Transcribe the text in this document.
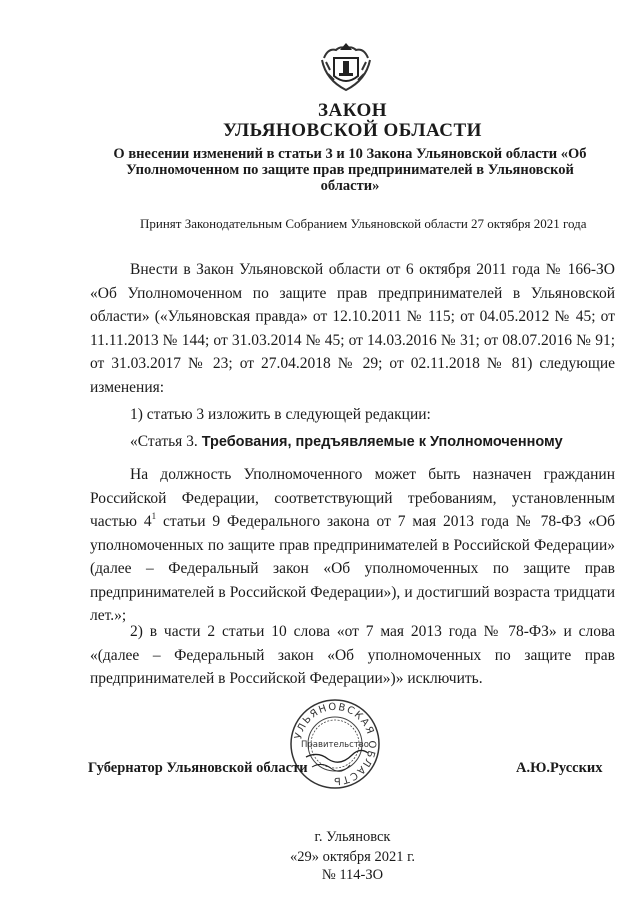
ЗАКОН
УЛЬЯНОВСКОЙ ОБЛАСТИ
О внесении изменений в статьи 3 и 10 Закона Ульяновской области «Об Уполномоченном по защите прав предпринимателей в Ульяновской области»
Принят Законодательным Собранием Ульяновской области 27 октября 2021 года
Внести в Закон Ульяновской области от 6 октября 2011 года № 166-ЗО «Об Уполномоченном по защите прав предпринимателей в Ульяновской области» («Ульяновская правда» от 12.10.2011 № 115; от 04.05.2012 № 45; от 11.11.2013 № 144; от 31.03.2014 № 45; от 14.03.2016 № 31; от 08.07.2016 № 91; от 31.03.2017 № 23; от 27.04.2018 № 29; от 02.11.2018 № 81) следующие изменения:
1) статью 3 изложить в следующей редакции:
«Статья 3. Требования, предъявляемые к Уполномоченному
На должность Уполномоченного может быть назначен гражданин Российской Федерации, соответствующий требованиям, установленным частью $4^1$ статьи 9 Федерального закона от 7 мая 2013 года № 78-ФЗ «Об уполномоченных по защите прав предпринимателей в Российской Федерации» (далее – Федеральный закон «Об уполномоченных по защите прав предпринимателей в Российской Федерации»), и достигший возраста тридцати лет.»;
2) в части 2 статьи 10 слова «от 7 мая 2013 года № 78-ФЗ» и слова «(далее – Федеральный закон «Об уполномоченных по защите прав предпринимателей в Российской Федерации»)» исключить.
УЛЬЯНОВСКАЯ ОБЛАСТЬ
Правительство
Губернатор Ульяновской области	А.Ю.Русских
г. Ульяновск
«29» октября 2021 г.
№ 114-ЗО
